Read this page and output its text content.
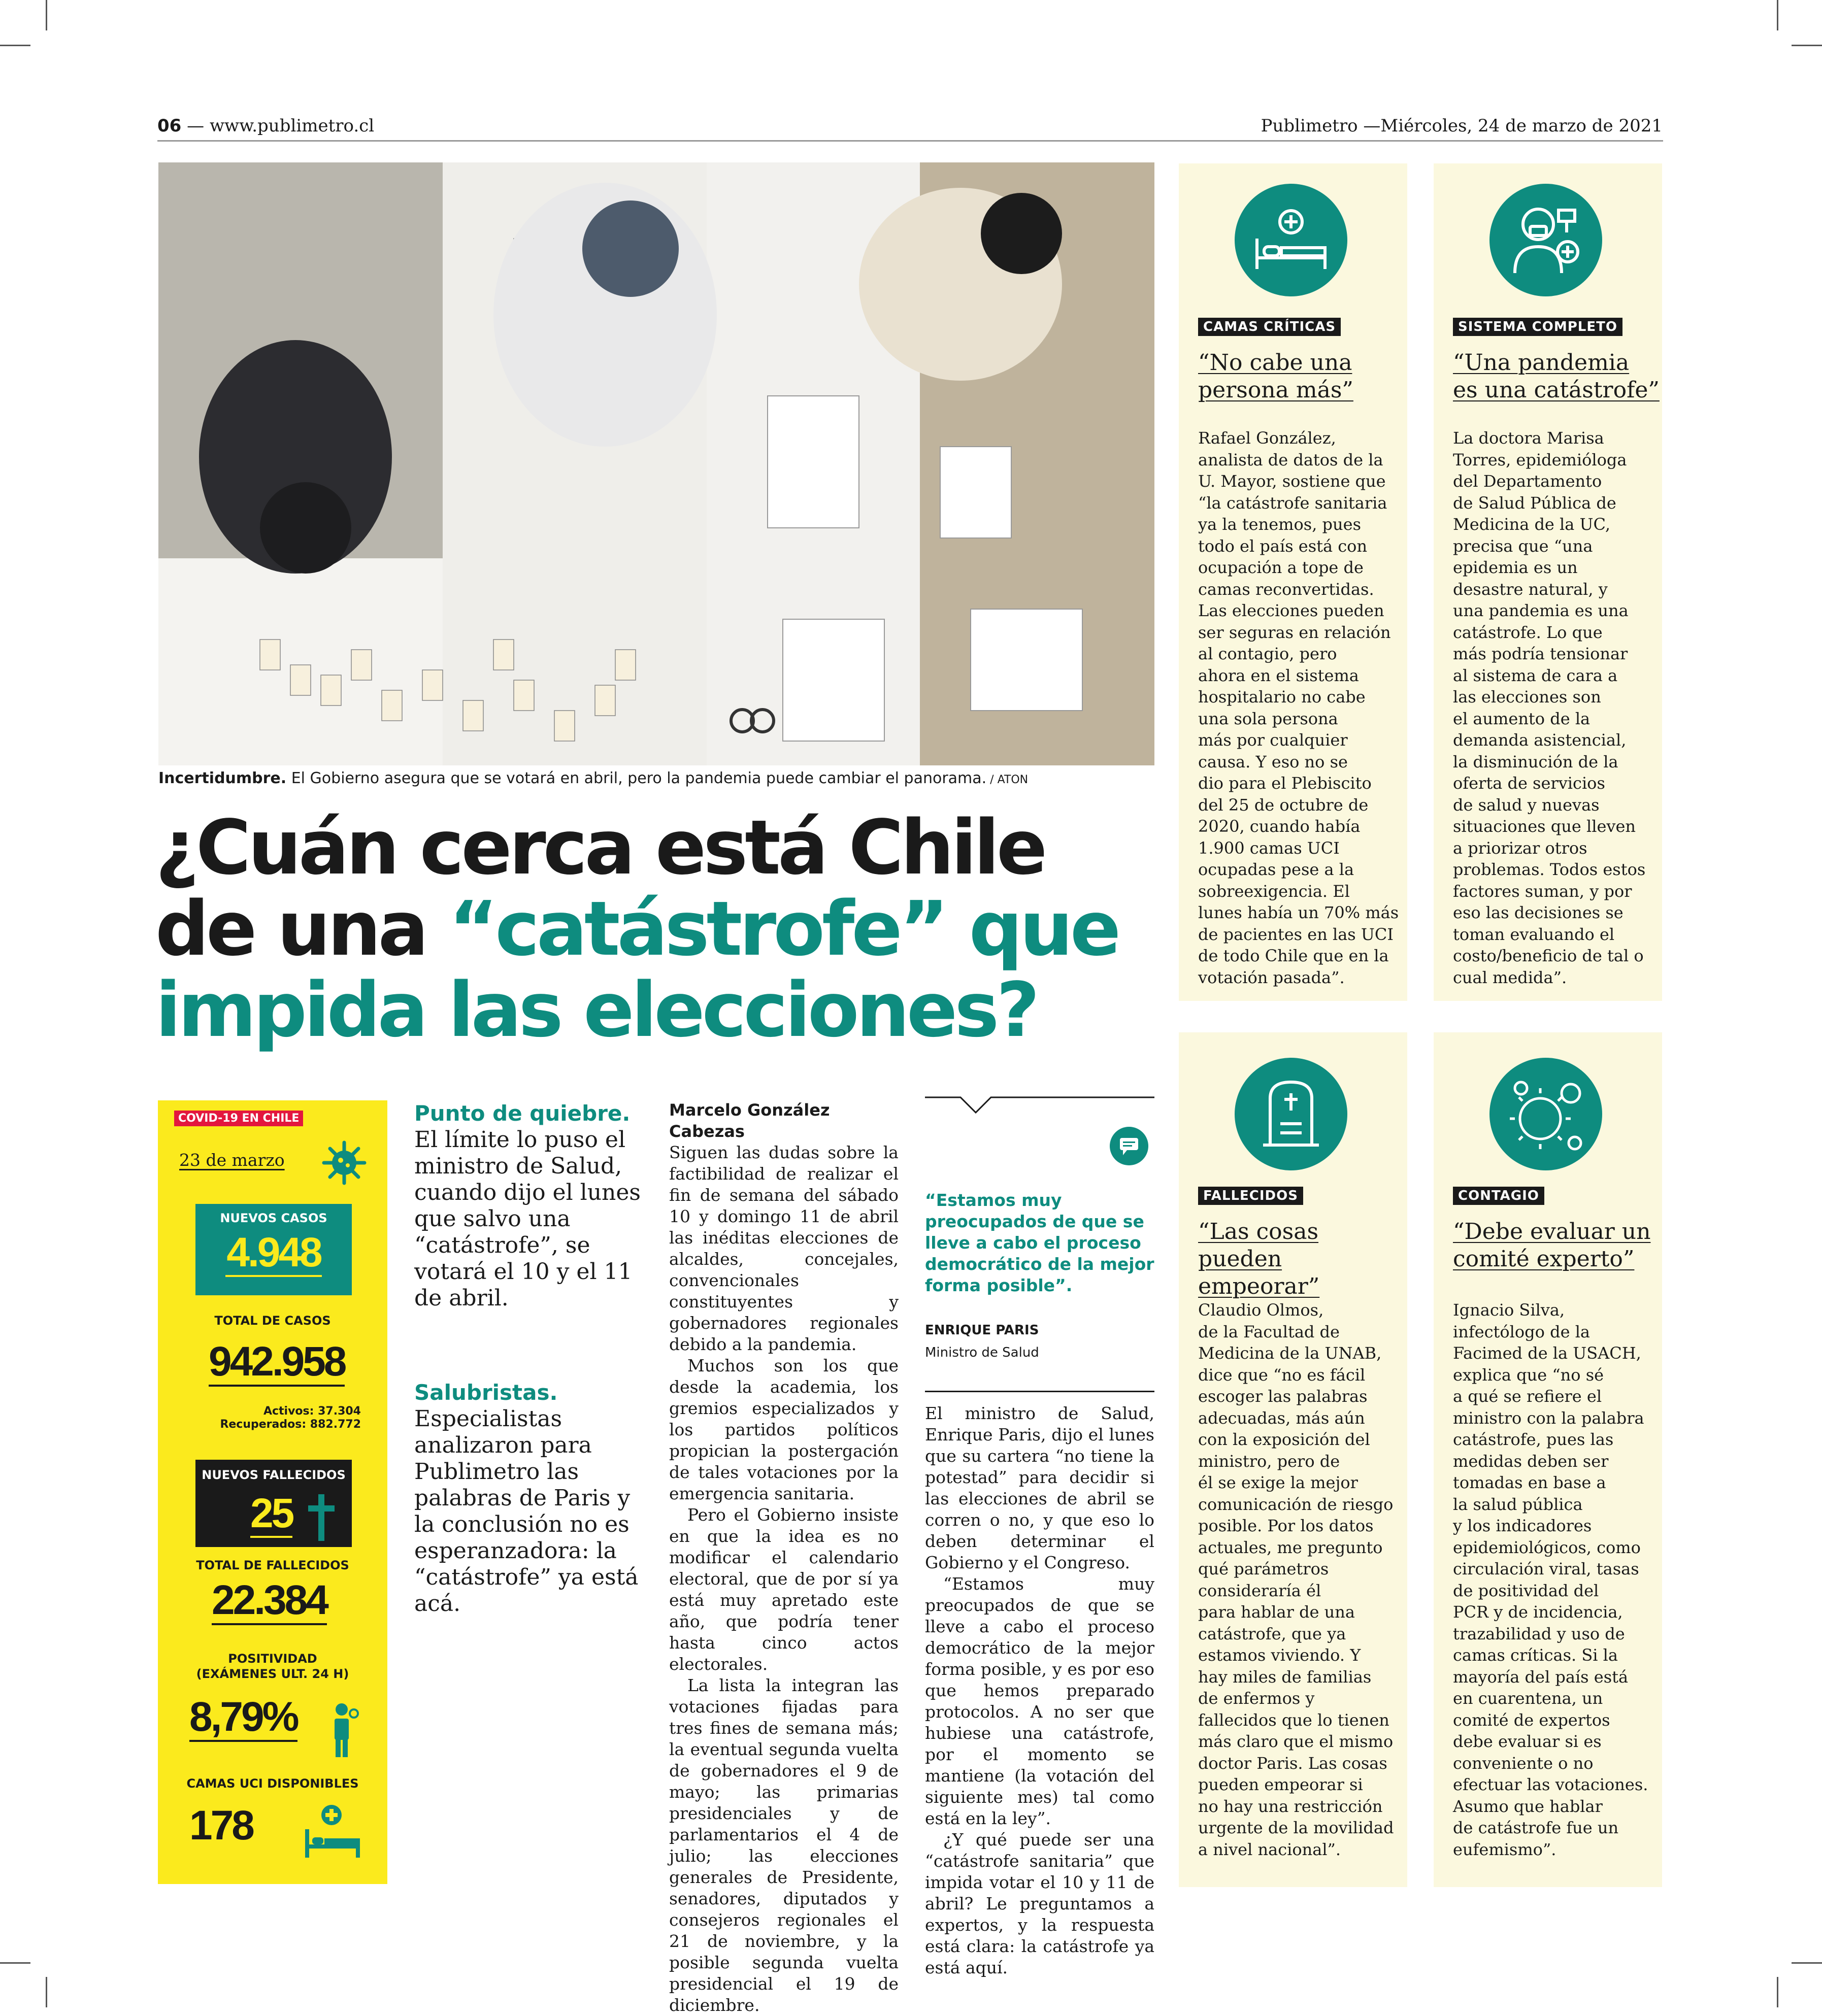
06 — www.publimetro.cl	Publimetro —Miércoles, 24 de marzo de 2021
Incertidumbre. El Gobierno asegura que se votará en abril, pero la pandemia puede cambiar el panorama. / ATON
¿Cuán cerca está Chile
de una “catástrofe” que
impida las elecciones?
COVID-19 EN CHILE
23 de marzo
NUEVOS CASOS
4.948
TOTAL DE CASOS
942.958
Activos: 37.304
Recuperados: 882.772
NUEVOS FALLECIDOS
25
TOTAL DE FALLECIDOS
22.384
POSITIVIDAD
(EXÁMENES ULT. 24 H)
8,79%
CAMAS UCI DISPONIBLES
178
Punto de quiebre. El límite lo puso el ministro de Salud, cuando dijo el lunes que salvo una “catástrofe”, se votará el 10 y el 11 de abril.
Salubristas. Especialistas analizaron para Publimetro las palabras de Paris y la conclusión no es esperanzadora: la “catástrofe” ya está acá.
Marcelo González Cabezas

Siguen las dudas sobre la factibilidad de realizar el fin de semana del sábado 10 y domingo 11 de abril las inéditas elecciones de alcaldes, concejales, convencionales constituyentes y gobernadores regionales debido a la pandemia.

Muchos son los que desde la academia, los gremios especializados y los partidos políticos propician la postergación de tales votaciones por la emergencia sanitaria.

Pero el Gobierno insiste en que la idea es no modificar el calendario electoral, que de por sí ya está muy apretado este año, que podría tener hasta cinco actos electorales.

La lista la integran las votaciones fijadas para tres fines de semana más; la eventual segunda vuelta de gobernadores el 9 de mayo; las primarias presidenciales y de parlamentarios el 4 de julio; las elecciones generales de Presidente, senadores, diputados y consejeros regionales el 21 de noviembre, y la posible segunda vuelta presidencial el 19 de diciembre.

“Estamos muy preocupados de que se lleve a cabo el proceso democrático de la mejor forma posible”.
ENRIQUE PARIS
Ministro de Salud

El ministro de Salud, Enrique Paris, dijo el lunes que su cartera “no tiene la potestad” para decidir si las elecciones de abril se corren o no, y que eso lo deben determinar el Gobierno y el Congreso.

“Estamos muy preocupados de que se lleve a cabo el proceso democrático de la mejor forma posible, y es por eso que hemos preparado protocolos. A no ser que hubiese una catástrofe, por el momento se mantiene (la votación del siguiente mes) tal como está en la ley”.

¿Y qué puede ser una “catástrofe sanitaria” que impida votar el 10 y 11 de abril? Le preguntamos a expertos, y la respuesta está clara: la catástrofe ya está aquí.

CAMAS CRÍTICAS
“No cabe una
persona más”
Rafael González,
analista de datos de la
U. Mayor, sostiene que
“la catástrofe sanitaria
ya la tenemos, pues
todo el país está con
ocupación a tope de
camas reconvertidas.
Las elecciones pueden
ser seguras en relación
al contagio, pero
ahora en el sistema
hospitalario no cabe
una sola persona
más por cualquier
causa. Y eso no se
dio para el Plebiscito
del 25 de octubre de
2020, cuando había
1.900 camas UCI
ocupadas pese a la
sobreexigencia. El
lunes había un 70% más
de pacientes en las UCI
de todo Chile que en la
votación pasada”.
SISTEMA COMPLETO
“Una pandemia
es una catástrofe”
La doctora Marisa
Torres, epidemióloga
del Departamento
de Salud Pública de
Medicina de la UC,
precisa que “una
epidemia es un
desastre natural, y
una pandemia es una
catástrofe. Lo que
más podría tensionar
al sistema de cara a
las elecciones son
el aumento de la
demanda asistencial,
la disminución de la
oferta de servicios
de salud y nuevas
situaciones que lleven
a priorizar otros
problemas. Todos estos
factores suman, y por
eso las decisiones se
toman evaluando el
costo/beneficio de tal o
cual medida”.
FALLECIDOS
“Las cosas
pueden empeorar”
Claudio Olmos,
de la Facultad de
Medicina de la UNAB,
dice que “no es fácil
escoger las palabras
adecuadas, más aún
con la exposición del
ministro, pero de
él se exige la mejor
comunicación de riesgo
posible. Por los datos
actuales, me pregunto
qué parámetros
consideraría él
para hablar de una
catástrofe, que ya
estamos viviendo. Y
hay miles de familias
de enfermos y
fallecidos que lo tienen
más claro que el mismo
doctor Paris. Las cosas
pueden empeorar si
no hay una restricción
urgente de la movilidad
a nivel nacional”.
CONTAGIO
“Debe evaluar un
comité experto”
Ignacio Silva,
infectólogo de la
Facimed de la USACH,
explica que “no sé
a qué se refiere el
ministro con la palabra
catástrofe, pues las
medidas deben ser
tomadas en base a
la salud pública
y los indicadores
epidemiológicos, como
circulación viral, tasas
de positividad del
PCR y de incidencia,
trazabilidad y uso de
camas críticas. Si la
mayoría del país está
en cuarentena, un
comité de expertos
debe evaluar si es
conveniente o no
efectuar las votaciones.
Asumo que hablar
de catástrofe fue un
eufemismo”.
